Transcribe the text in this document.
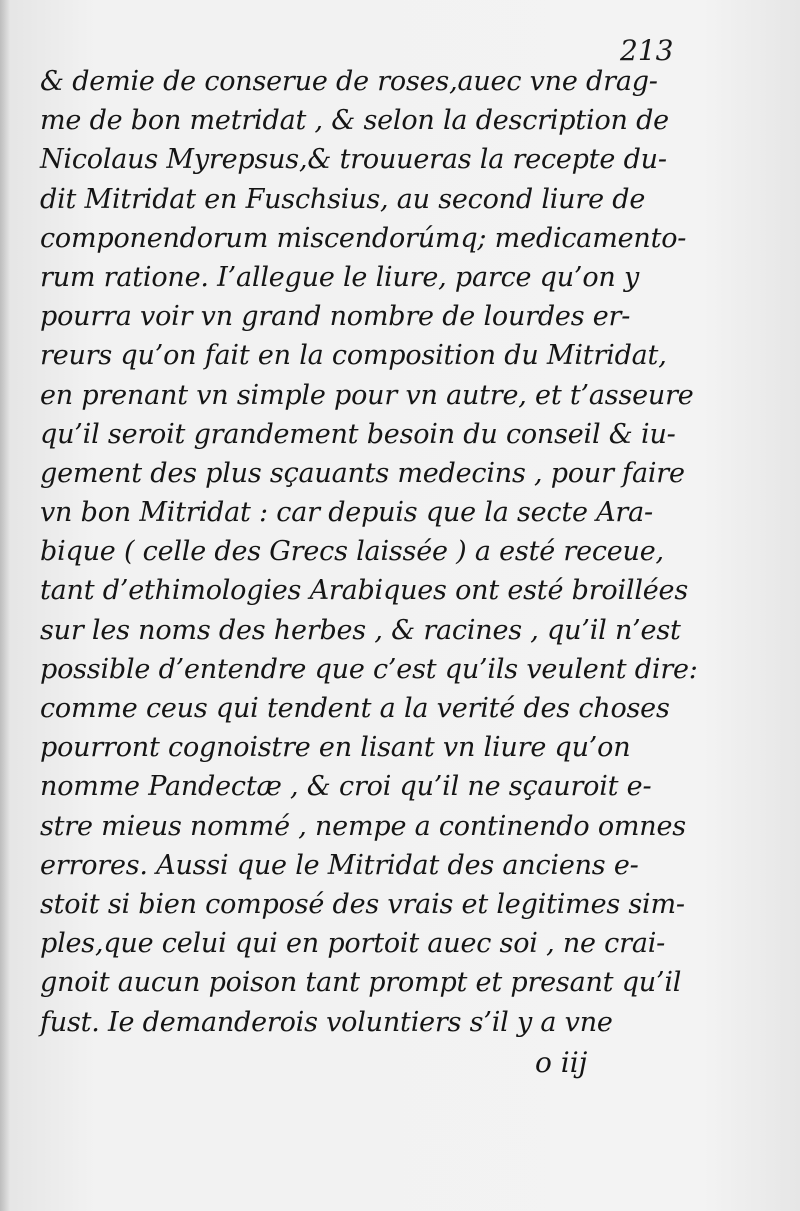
213
& demie de conserue de roses,auec vne drag-
me de bon metridat , & selon la description de
Nicolaus Myrepsus,& trouueras la recepte du-
dit Mitridat en Fuschsius, au second liure de
componendorum miscendorúmq; medicamento-
rum ratione. I’allegue le liure, parce qu’on y
pourra voir vn grand nombre de lourdes er-
reurs qu’on fait en la composition du Mitridat,
en prenant vn simple pour vn autre, et t’asseure
qu’il seroit grandement besoin du conseil & iu-
gement des plus sçauants medecins , pour faire
vn bon Mitridat : car depuis que la secte Ara-
bique ( celle des Grecs laissée ) a esté receue,
tant d’ethimologies Arabiques ont esté broillées
sur les noms des herbes , & racines , qu’il n’est
possible d’entendre que c’est qu’ils veulent dire:
comme ceus qui tendent a la verité des choses
pourront cognoistre en lisant vn liure qu’on
nomme Pandectæ , & croi qu’il ne sçauroit e-
stre mieus nommé , nempe a continendo omnes
errores. Aussi que le Mitridat des anciens e-
stoit si bien composé des vrais et legitimes sim-
ples,que celui qui en portoit auec soi , ne crai-
gnoit aucun poison tant prompt et presant qu’il
fust. Ie demanderois voluntiers s’il y a vne
o iij
